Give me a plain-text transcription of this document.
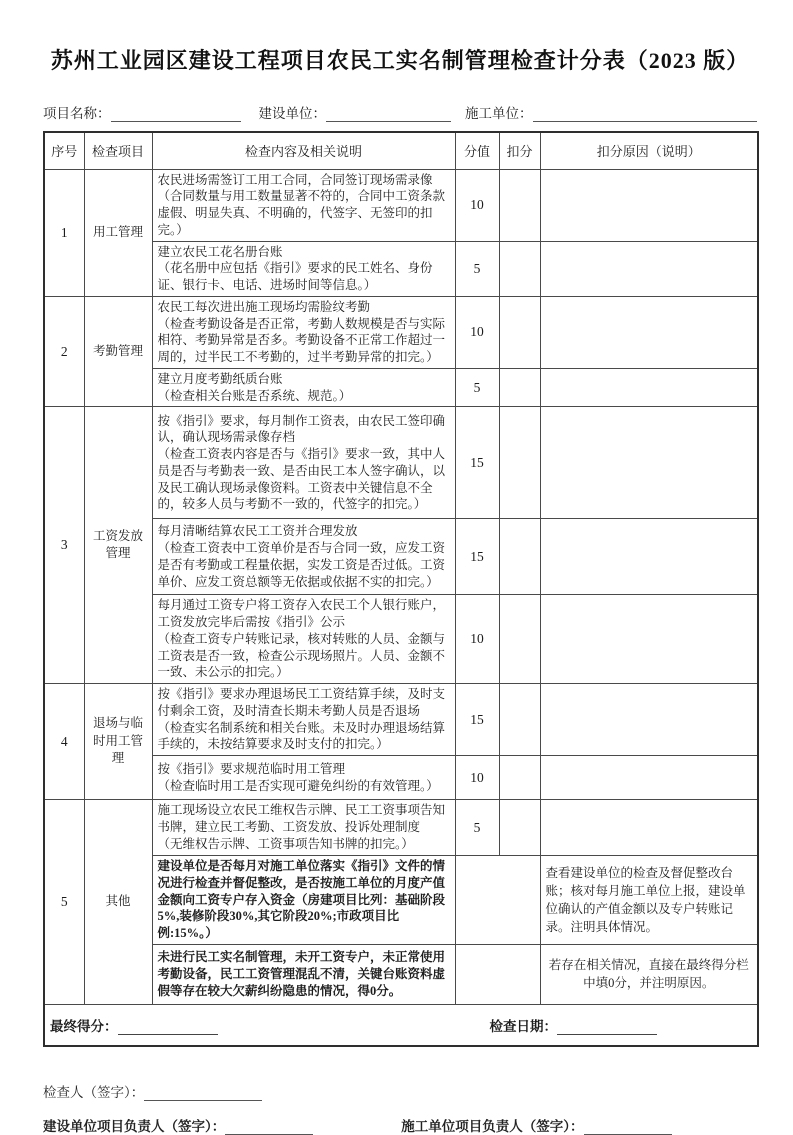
苏州工业园区建设工程项目农民工实名制管理检查计分表（2023 版）
项目名称：	建设单位：	施工单位：
序号	检查项目	检查内容及相关说明	分值	扣分	扣分原因（说明）
1	用工管理	农民进场需签订工用工合同，合同签订现场需录像
（合同数量与用工数量显著不符的，合同中工资条款虚假、明显失真、不明确的，代签字、无签印的扣完。）	10		
		建立农民工花名册台账
（花名册中应包括《指引》要求的民工姓名、身份证、银行卡、电话、进场时间等信息。）	5		
2	考勤管理	农民工每次进出施工现场均需脸纹考勤
（检查考勤设备是否正常，考勤人数规模是否与实际相符、考勤异常是否多。考勤设备不正常工作超过一周的，过半民工不考勤的，过半考勤异常的扣完。）	10		
		建立月度考勤纸质台账
（检查相关台账是否系统、规范。）	5		
3	工资发放管理	按《指引》要求，每月制作工资表，由农民工签印确认，确认现场需录像存档
（检查工资表内容是否与《指引》要求一致，其中人员是否与考勤表一致、是否由民工本人签字确认，以及民工确认现场录像资料。工资表中关键信息不全的，较多人员与考勤不一致的，代签字的扣完。）	15		
		每月清晰结算农民工工资并合理发放
（检查工资表中工资单价是否与合同一致，应发工资是否有考勤或工程量依据，实发工资是否过低。工资单价、应发工资总额等无依据或依据不实的扣完。）	15		
		每月通过工资专户将工资存入农民工个人银行账户，工资发放完毕后需按《指引》公示
（检查工资专户转账记录，核对转账的人员、金额与工资表是否一致，检查公示现场照片。人员、金额不一致、未公示的扣完。）	10		
4	退场与临时用工管理	按《指引》要求办理退场民工工资结算手续，及时支付剩余工资，及时清查长期未考勤人员是否退场
（检查实名制系统和相关台账。未及时办理退场结算手续的，未按结算要求及时支付的扣完。）	15		
		按《指引》要求规范临时用工管理
（检查临时用工是否实现可避免纠纷的有效管理。）	10		
5	其他	施工现场设立农民工维权告示牌、民工工资事项告知书牌，建立民工考勤、工资发放、投诉处理制度
（无维权告示牌、工资事项告知书牌的扣完。）	5		
		建设单位是否每月对施工单位落实《指引》文件的情况进行检查并督促整改，是否按施工单位的月度产值金额向工资专户存入资金（房建项目比列：基础阶段5%,装修阶段30%,其它阶段20%;市政项目比例:15%。）			查看建设单位的检查及督促整改台账；核对每月施工单位上报，建设单位确认的产值金额以及专户转账记录。注明具体情况。
		未进行民工实名制管理，未开工资专户，未正常使用考勤设备，民工工资管理混乱不清，关键台账资料虚假等存在较大欠薪纠纷隐患的情况，得0分。			若存在相关情况，直接在最终得分栏中填0分，并注明原因。

最终得分： 检查日期：					
检查人（签字）：
建设单位项目负责人（签字）：	施工单位项目负责人（签字）：
